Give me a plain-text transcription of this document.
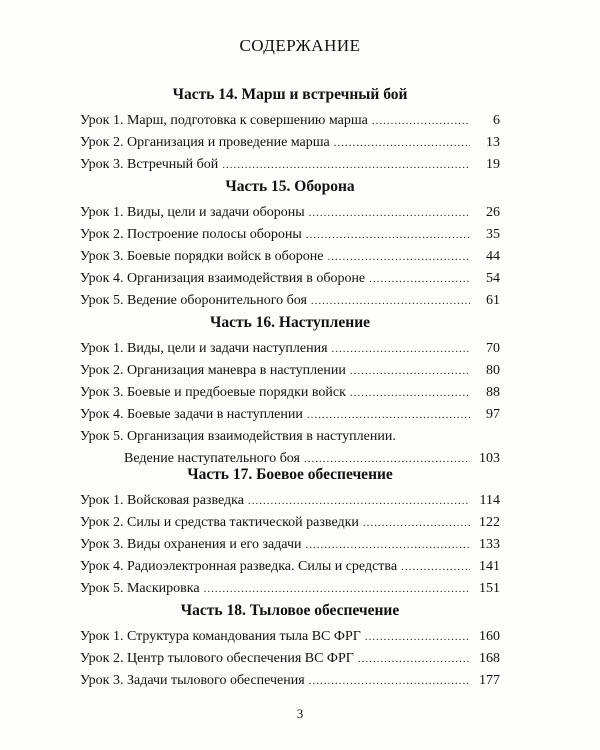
СОДЕРЖАНИЕ
Часть 14. Марш и встречный бой
Урок 1. Марш, подготовка к совершению марша .....	6
Урок 2. Организация и проведение марша .....	13
Урок 3. Встречный бой .....	19
Часть 15. Оборона
Урок 1. Виды, цели и задачи обороны .....	26
Урок 2. Построение полосы обороны .....	35
Урок 3. Боевые порядки войск в обороне .....	44
Урок 4. Организация взаимодействия в обороне .....	54
Урок 5. Ведение оборонительного боя .....	61
Часть 16. Наступление
Урок 1. Виды, цели и задачи наступления .....	70
Урок 2. Организация маневра в наступлении .....	80
Урок 3. Боевые и предбоевые порядки войск .....	88
Урок 4. Боевые задачи в наступлении .....	97
Урок 5. Организация взаимодействия в наступлении.
Ведение наступательного боя .....	103
Часть 17. Боевое обеспечение
Урок 1. Войсковая разведка .....	114
Урок 2. Силы и средства тактической разведки .....	122
Урок 3. Виды охранения и его задачи .....	133
Урок 4. Радиоэлектронная разведка. Силы и средства .....	141
Урок 5. Маскировка .....	151
Часть 18. Тыловое обеспечение
Урок 1. Структура командования тыла ВС ФРГ .....	160
Урок 2. Центр тылового обеспечения ВС ФРГ .....	168
Урок 3. Задачи тылового обеспечения .....	177
3
